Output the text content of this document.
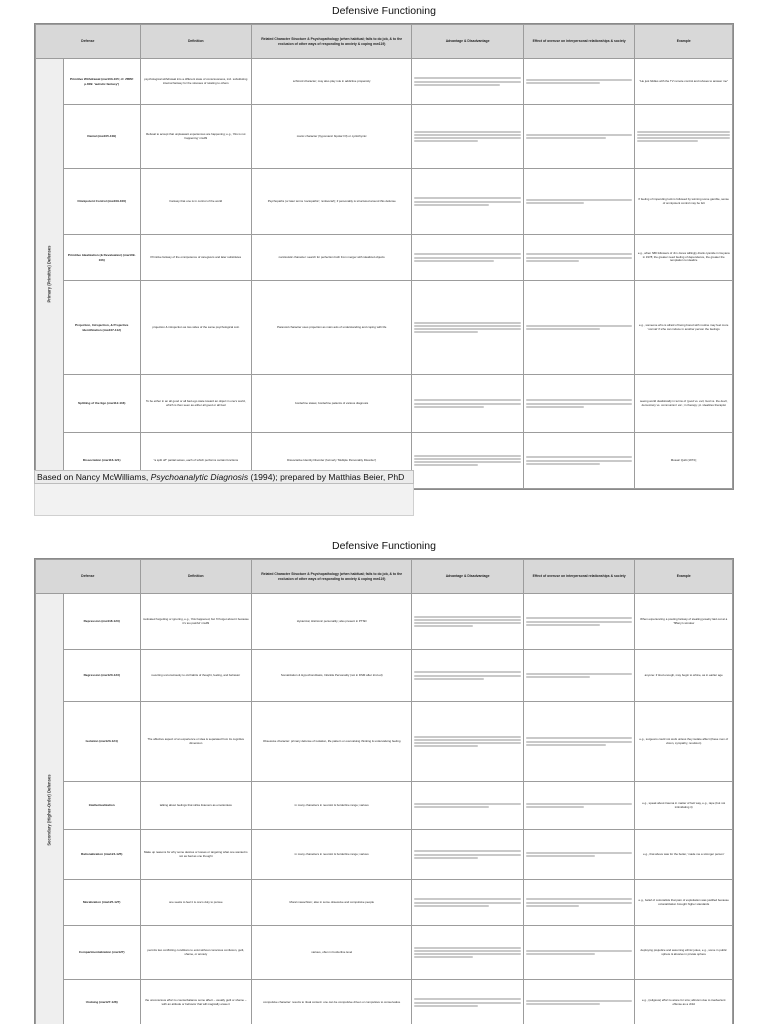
Defensive Functioning
Defense		Definition	Related Character Structure & Psychopathology (when habitual; fails to do job, & to the exclusion of other ways of responding to anxiety & coping mw119)	Advantage & Disadvantage	Effect of overuse on interpersonal relationships & society	Example

Primary (Primitive) Defenses	Primitive Withdrawal (mw103-105; cf. ZBBF p.809: 'autistic fantasy')	psychological withdrawal into a different state of consciousness, incl. substituting internal fantasy for the stresses of relating to others	schizoid character; may also play role in addictive propensity			"He just fiddles with the TV remote control and refuses to answer me"
	Denial (mw105-109)	Refusal to accept that unpleasant experiences are happening; e.g., 'this is not happening' mw09	manic character (hypomanic bipolar I/II) or cyclothymic	

	Omnipotent Control (mw109-106)	Fantasy that one is in control of the world	Psychopaths (or later terms 'sociopathic', 'antisocial'); if personality is structured around this defense			If feeling of impending luck is followed by winning some gamble, sense of omnipotent control may be felt
	Primitive Idealization (& Devaluation) (mw109-106)	Primitive fantasy of the omnipotence of caregivers and later substitutes	narcissistic character: search for perfection both from merger with idealized objects			e.g., when NBI followers of Jim Jones willingly drank cyanide in Guyana in 1978; the greater need feeling of dependence, the greater the temptation to idealize
	Projection, Introjection, & Projective Identification (mw107-112)	projection & introjection as two sides of the same psychological coin	Paranoid character uses projection as main axis of understanding and coping with life			e.g., someone who is afraid of being bored with routine may feel more 'normal' if s/he can induce in another person the feelings
	Splitting of the Ego (mw112-116)	To be either in an all good or all bad ego state toward an object in one's world, which is then seen as either all good or all bad	borderline states; borderline patients of various diagnosis			seeing world dualistically in terms of 'good vs. evil, God vs. the devil, democracy vs. communism' etc.; in therapy: pt. idealizes therapist
	Dissociation (mw116-121)	"a split off" partial selves, each of which performs certain functions	Dissociative Identity Disorder (formerly 'Multiple Personality Disorder')			Mosaic Quilt (1973);
Based on Nancy McWilliams, Psychoanalytic Diagnosis (1994); prepared by Matthias Beier, PhD
Defensive Functioning
Defense		Definition	Related Character Structure & Psychopathology (when habitual; fails to do job, & to the exclusion of other ways of responding to anxiety & coping mw119)	Advantage & Disadvantage	Effect of overuse on interpersonal relationships & society	Example

Secondary (Higher-Order) Defenses	Repression (mw118-123)	motivated forgetting or ignoring, e.g., 'this happened, but I'll forget about it because it's too painful' mw99	Hysterical, Histrionic personality; also present in PTSD			When experiencing a pouting fantasy of stealing jewelry laid out at a Tiffany's window
	Regression (mw120-123)	reverting unconsciously to old habits of thought, feeling, and behavior	Somatization & Hypochondriasis, Infantile Personality (not in DSM after 2nd ed)			anyone: if tired enough, may begin to whine, as in earlier age
	Isolation (mw123-124)	The affective aspect of an experience or idea is separated from its cognitive dimension	Obsessive character: primary defense of isolation, life pattern or overvaluing thinking & undervaluing feeling			e.g., surgeons could not work unless they isolate affect (these men of vision, sympathy, revulsion)
	Intellectualization	talking about feelings that strike listeners as emotionless	in many characters in neurotic & borderline range; various			e.g., speak about trauma in matter of fact way, e.g., rape (but not intimidating it)
	Rationalization (mw124-125)	Make up reasons for why some desires or losses or targeting what one wanted is not as bad as one thought	in many characters in neurotic & borderline range; various			e.g., that above was for the better, 'made me a stronger person'
	Moralization (mw125-127)	one seeks to feel it is one's duty to pursue	Moral masochism; also in some obsessive and compulsive people			e.g., belief of colonialists that pain of exploitation was justified because colonialization brought higher standards
	Compartmentalization (mw127)	permits two conflicting conditions to exist without conscious confusion, guilt, shame, or anxiety	various, often in borderline level			deploying prejudice and assuming ethnic jokes, e.g., some in public sphere & abusive in private sphere
	Undoing (mw127-128)	the unconscious effort to counterbalance some affect – usually guilt or shame – with an attitude or behavior that will magically erase it	compulsive character: resorts to ritual content: one can be compulsive driven or compulsive to conservative			e.g., (religious) effort to atone for sins; altruism due to inadvertent offense as a child
